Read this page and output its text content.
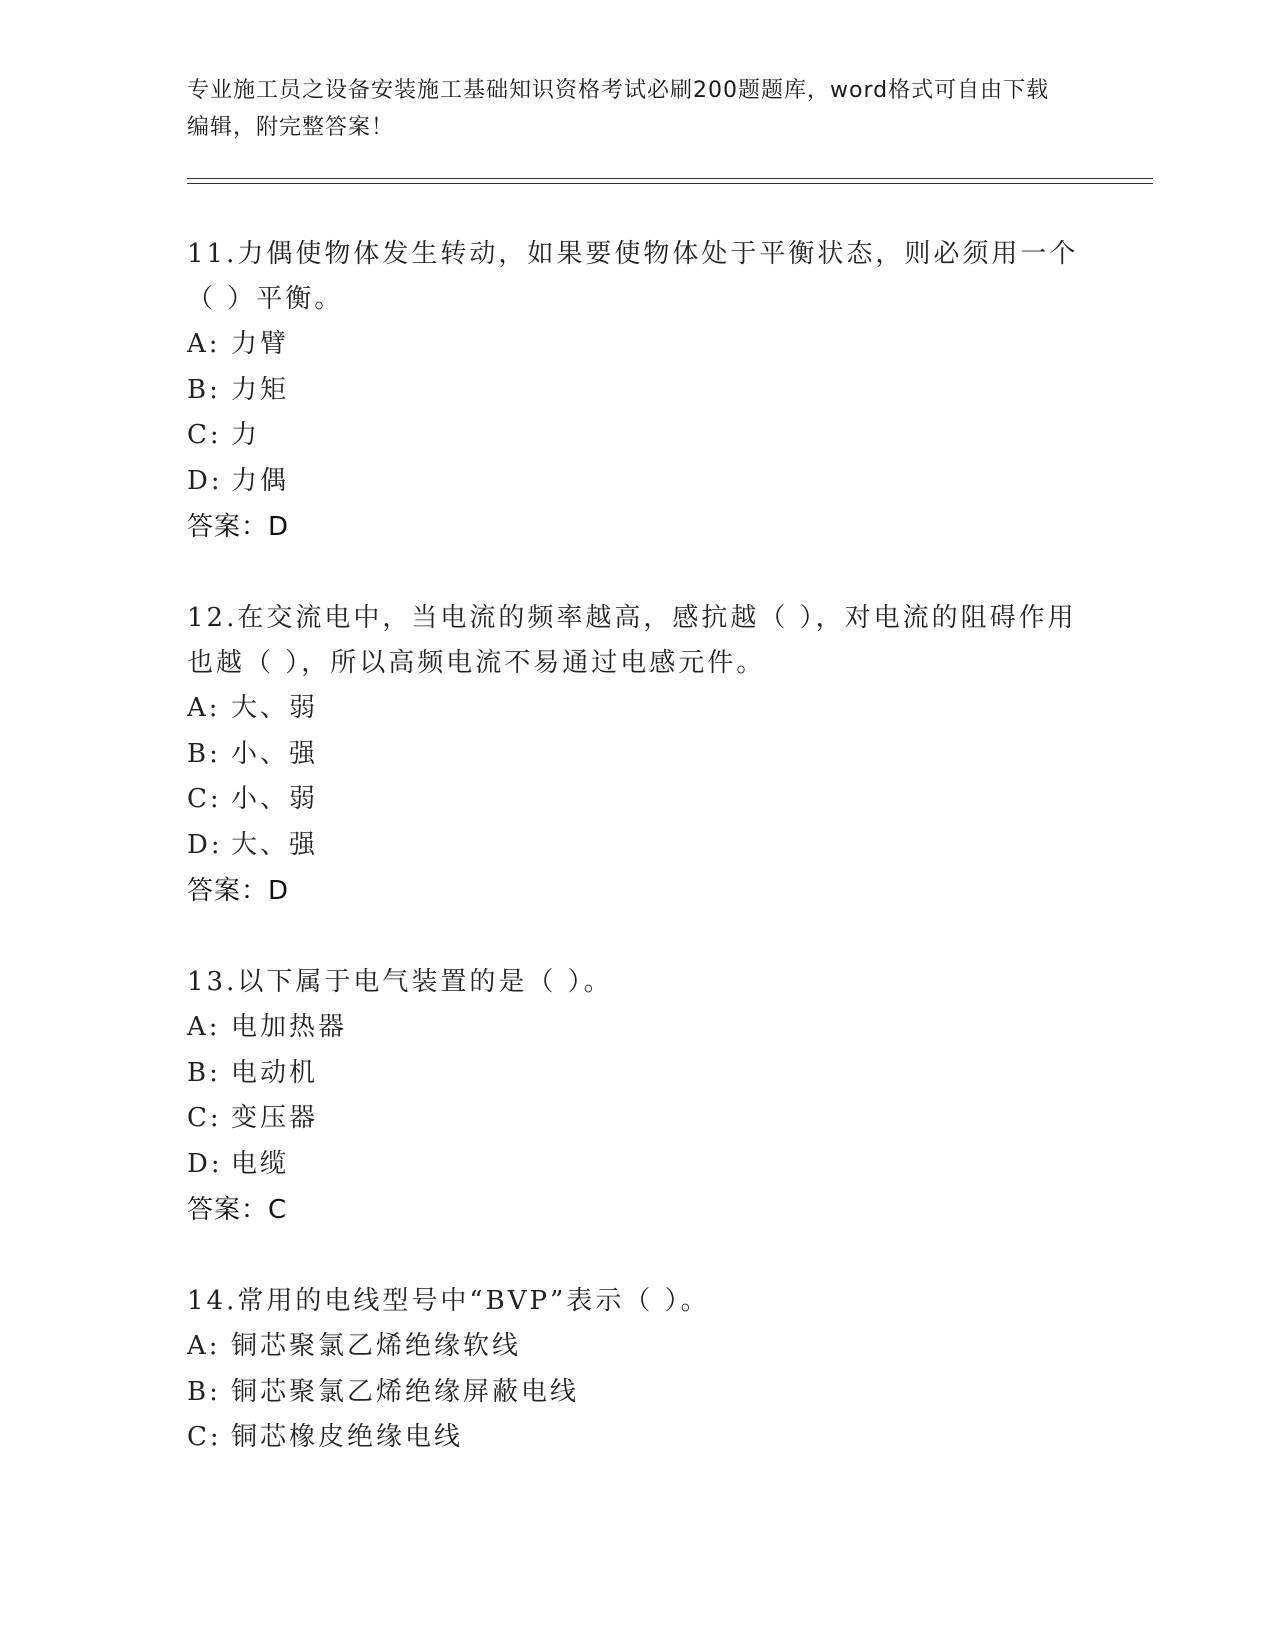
专业施工员之设备安装施工基础知识资格考试必刷200题题库，word格式可自由下载编辑，附完整答案！

11.力偶使物体发生转动，如果要使物体处于平衡状态，则必须用一个（ ）平衡。

A: 力臂

B: 力矩

C: 力

D: 力偶

答案：D

12.在交流电中，当电流的频率越高，感抗越（ ），对电流的阻碍作用也越（ ），所以高频电流不易通过电感元件。

A: 大、弱

B: 小、强

C: 小、弱

D: 大、强

答案：D

13.以下属于电气装置的是（ ）。

A: 电加热器

B: 电动机

C: 变压器

D: 电缆

答案：C

14.常用的电线型号中“BVP”表示（ ）。

A: 铜芯聚氯乙烯绝缘软线

B: 铜芯聚氯乙烯绝缘屏蔽电线

C: 铜芯橡皮绝缘电线
